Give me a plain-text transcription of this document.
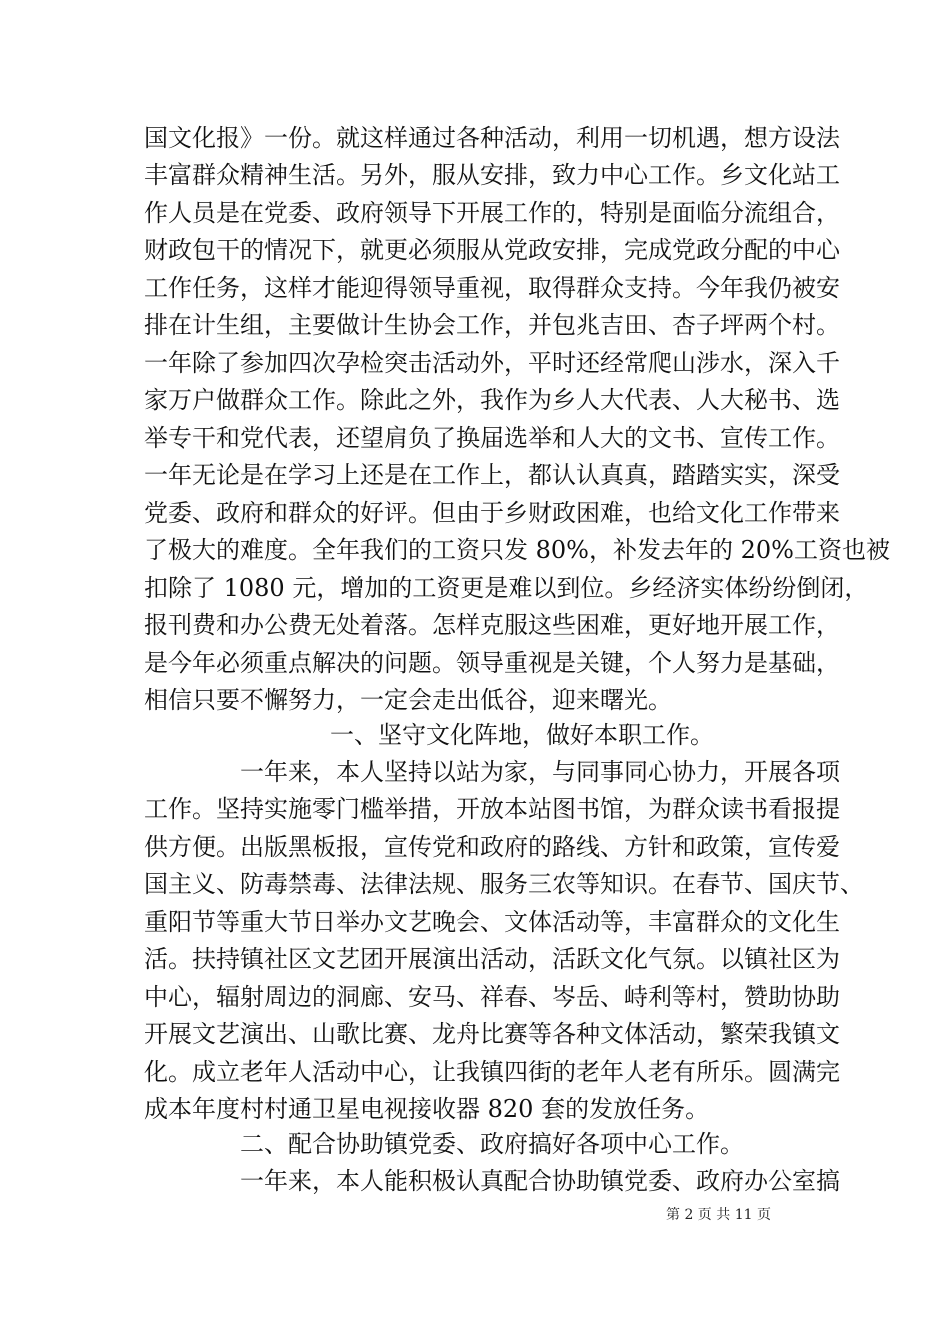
国文化报》一份。就这样通过各种活动，利用一切机遇，想方设法
丰富群众精神生活。另外，服从安排，致力中心工作。乡文化站工
作人员是在党委、政府领导下开展工作的，特别是面临分流组合，
财政包干的情况下，就更必须服从党政安排，完成党政分配的中心
工作任务，这样才能迎得领导重视，取得群众支持。今年我仍被安
排在计生组，主要做计生协会工作，并包兆吉田、杏子坪两个村。
一年除了参加四次孕检突击活动外，平时还经常爬山涉水，深入千
家万户做群众工作。除此之外，我作为乡人大代表、人大秘书、选
举专干和党代表，还望肩负了换届选举和人大的文书、宣传工作。
一年无论是在学习上还是在工作上，都认认真真，踏踏实实，深受
党委、政府和群众的好评。但由于乡财政困难，也给文化工作带来
了极大的难度。全年我们的工资只发 80%，补发去年的 20%工资也被
扣除了 1080 元，增加的工资更是难以到位。乡经济实体纷纷倒闭，
报刊费和办公费无处着落。怎样克服这些困难，更好地开展工作，
是今年必须重点解决的问题。领导重视是关键，个人努力是基础，
相信只要不懈努力，一定会走出低谷，迎来曙光。
一、坚守文化阵地，做好本职工作。
一年来，本人坚持以站为家，与同事同心协力，开展各项
工作。坚持实施零门槛举措，开放本站图书馆，为群众读书看报提
供方便。出版黑板报，宣传党和政府的路线、方针和政策，宣传爱
国主义、防毒禁毒、法律法规、服务三农等知识。在春节、国庆节、
重阳节等重大节日举办文艺晚会、文体活动等，丰富群众的文化生
活。扶持镇社区文艺团开展演出活动，活跃文化气氛。以镇社区为
中心，辐射周边的洞廊、安马、祥春、岑岳、峙利等村，赞助协助
开展文艺演出、山歌比赛、龙舟比赛等各种文体活动，繁荣我镇文
化。成立老年人活动中心，让我镇四街的老年人老有所乐。圆满完
成本年度村村通卫星电视接收器 820 套的发放任务。
二、配合协助镇党委、政府搞好各项中心工作。
一年来，本人能积极认真配合协助镇党委、政府办公室搞
第 2 页 共 11 页
